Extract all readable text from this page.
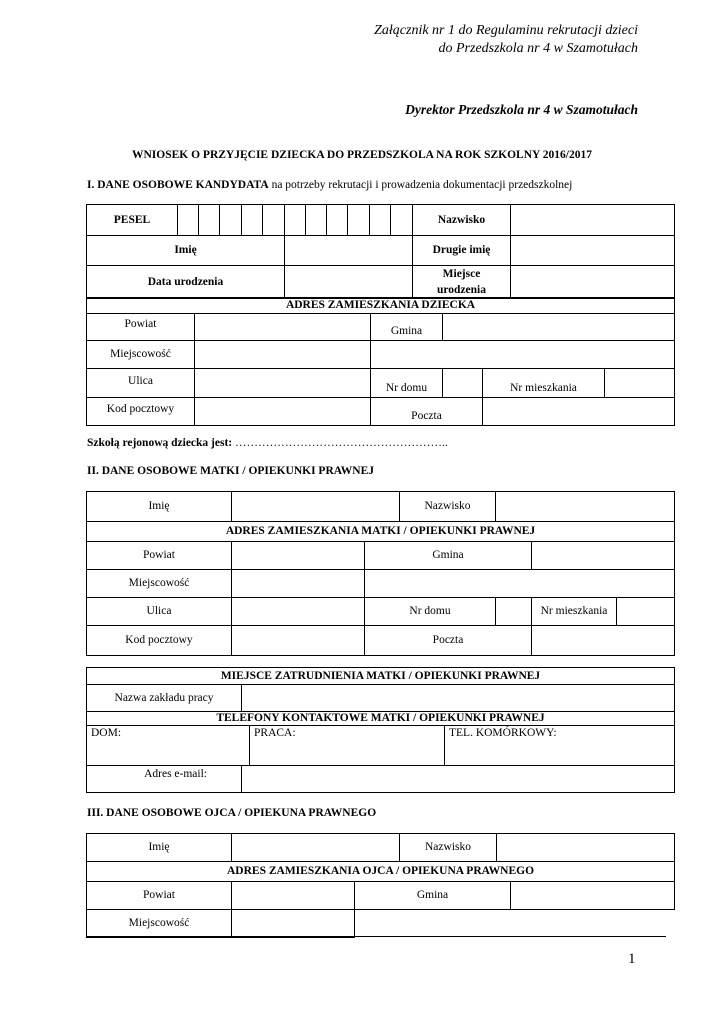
Załącznik nr 1 do Regulaminu rekrutacji dzieci
do Przedszkola nr 4 w Szamotułach
Dyrektor Przedszkola nr 4 w Szamotułach
WNIOSEK O PRZYJĘCIE DZIECKA DO PRZEDSZKOLA NA ROK SZKOLNY 2016/2017
I. DANE OSOBOWE KANDYDATA na potrzeby rekrutacji i prowadzenia dokumentacji przedszkolnej
PESEL												Nazwisko	
Imię												Drugie imię	
Data urodzenia												Miejsce
urodzenia	
ADRES ZAMIESZKANIA DZIECKA					
Powiat		Gmina			
Miejscowość					
Ulica		Nr domu		Nr mieszkania	
Kod pocztowy		Poczta			
Szkołą rejonową dziecka jest: ………………………………………………..
II. DANE OSOBOWE MATKI / OPIEKUNKI PRAWNEJ
Imię			Nazwisko			
ADRES ZAMIESZKANIA MATKI / OPIEKUNKI PRAWNEJ						
Powiat		Gmina				
Miejscowość						
Ulica		Nr domu			Nr mieszkania	
Kod pocztowy		Poczta				
MIEJSCE ZATRUDNIENIA MATKI / OPIEKUNKI PRAWNEJ			
Nazwa zakładu pracy			
TELEFONY KONTAKTOWE MATKI / OPIEKUNKI PRAWNEJ			
DOM:		PRACA:	TEL. KOMÓRKOWY:
Adres e-mail:			
III. DANE OSOBOWE OJCA / OPIEKUNA PRAWNEGO
Imię			Nazwisko		
ADRES ZAMIESZKANIA OJCA / OPIEKUNA PRAWNEGO					
Powiat		Gmina			
Miejscowość					
1
